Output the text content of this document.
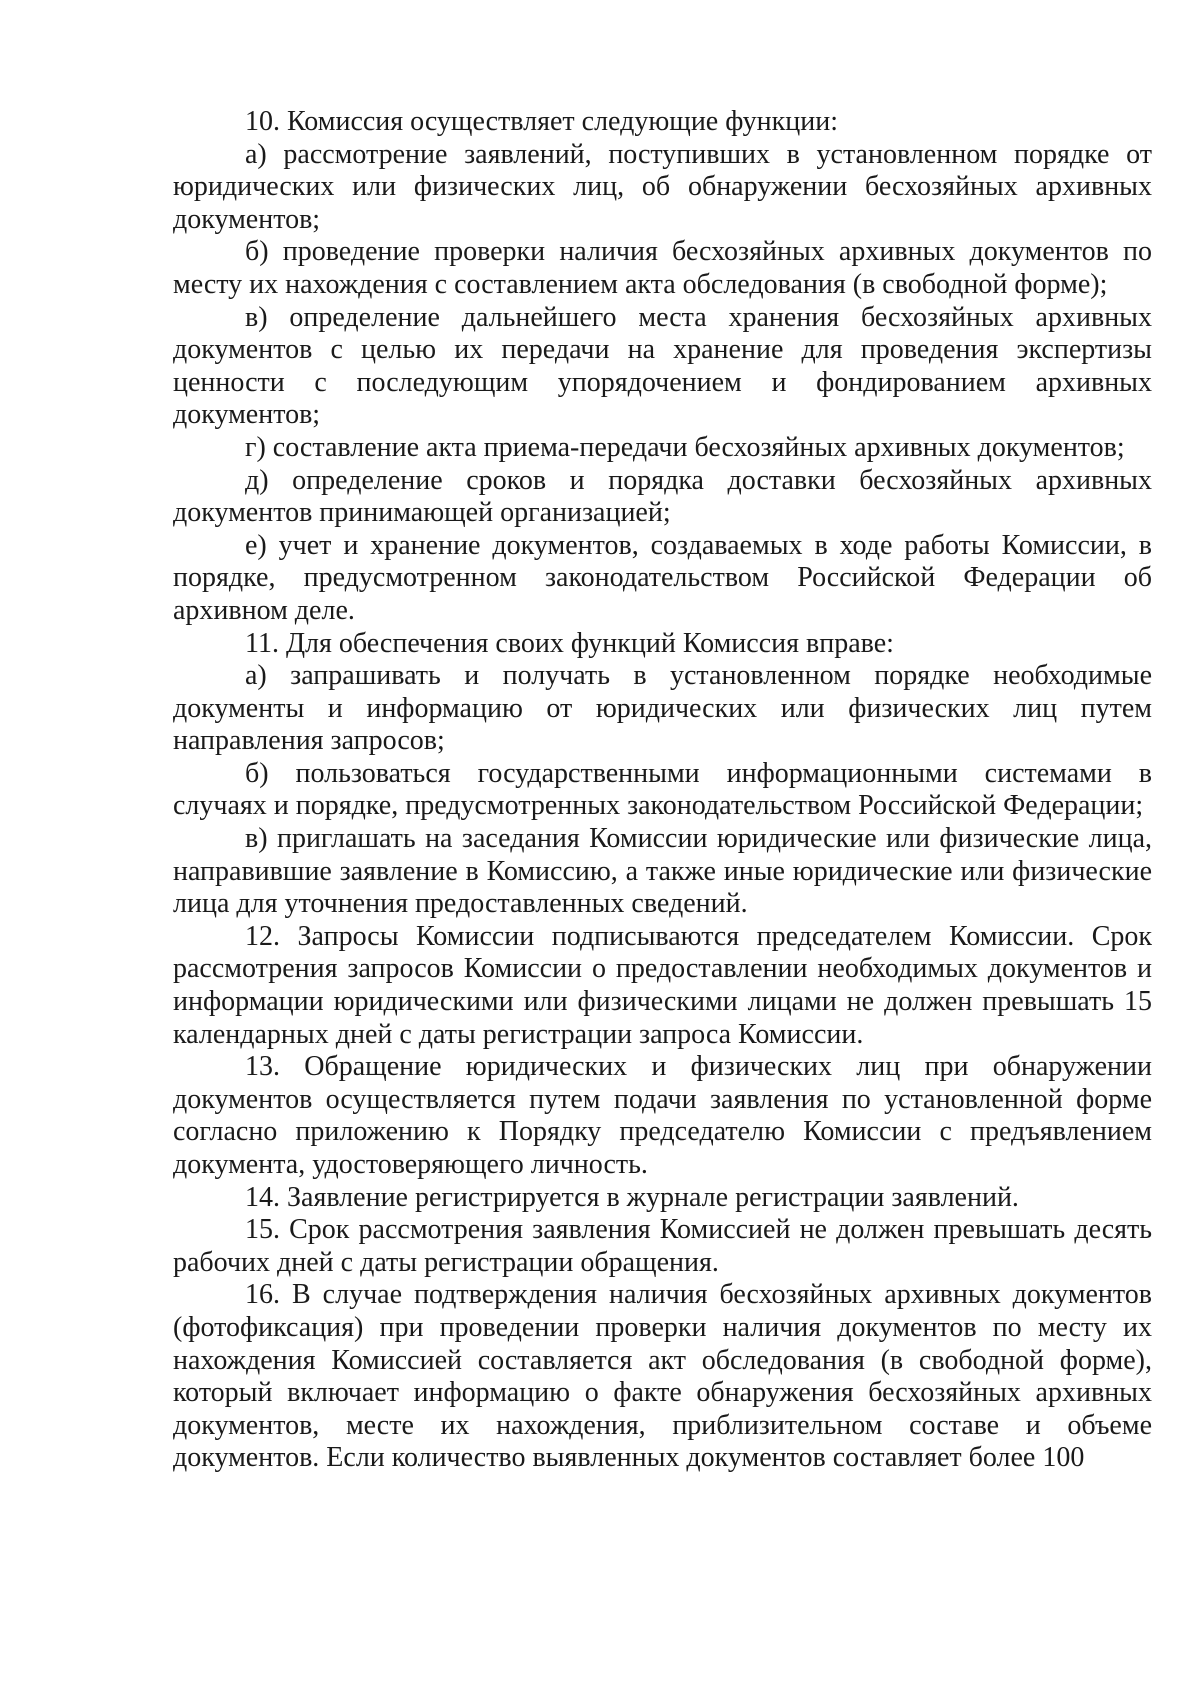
10. Комиссия осуществляет следующие функции:

а) рассмотрение заявлений, поступивших в установленном порядке от юридических или физических лиц, об обнаружении бесхозяйных архивных документов;

б) проведение проверки наличия бесхозяйных архивных документов по месту их нахождения с составлением акта обследования (в свободной форме);

в) определение дальнейшего места хранения бесхозяйных архивных документов с целью их передачи на хранение для проведения экспертизы ценности с последующим упорядочением и фондированием архивных документов;

г) составление акта приема-передачи бесхозяйных архивных документов;

д) определение сроков и порядка доставки бесхозяйных архивных документов принимающей организацией;

е) учет и хранение документов, создаваемых в ходе работы Комиссии, в порядке, предусмотренном законодательством Российской Федерации об архивном деле.

11. Для обеспечения своих функций Комиссия вправе:

а) запрашивать и получать в установленном порядке необходимые документы и информацию от юридических или физических лиц путем направления запросов;

б) пользоваться государственными информационными системами в случаях и порядке, предусмотренных законодательством Российской Федерации;

в) приглашать на заседания Комиссии юридические или физические лица, направившие заявление в Комиссию, а также иные юридические или физические лица для уточнения предоставленных сведений.

12. Запросы Комиссии подписываются председателем Комиссии. Срок рассмотрения запросов Комиссии о предоставлении необходимых документов и информации юридическими или физическими лицами не должен превышать 15 календарных дней с даты регистрации запроса Комиссии.

13. Обращение юридических и физических лиц при обнаружении документов осуществляется путем подачи заявления по установленной форме согласно приложению к Порядку председателю Комиссии с предъявлением документа, удостоверяющего личность.

14. Заявление регистрируется в журнале регистрации заявлений.

15. Срок рассмотрения заявления Комиссией не должен превышать десять рабочих дней с даты регистрации обращения.

16. В случае подтверждения наличия бесхозяйных архивных документов (фотофиксация) при проведении проверки наличия документов по месту их нахождения Комиссией составляется акт обследования (в свободной форме), который включает информацию о факте обнаружения бесхозяйных архивных документов, месте их нахождения, приблизительном составе и объеме документов. Если количество выявленных документов составляет более 100
